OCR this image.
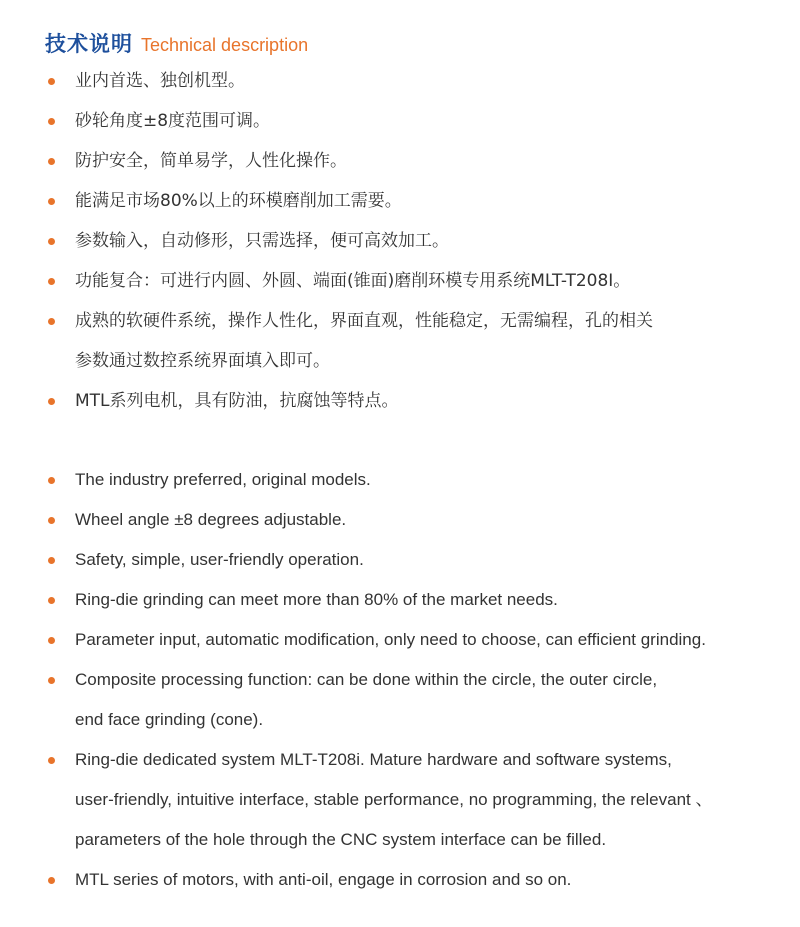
技术说明 Technical description
业内首选、独创机型。
砂轮角度±8度范围可调。
防护安全，简单易学，人性化操作。
能满足市场80%以上的环模磨削加工需要。
参数输入，自动修形，只需选择，便可高效加工。
功能复合：可进行内圆、外圆、端面(锥面)磨削环模专用系统MLT-T208I。
成熟的软硬件系统，操作人性化，界面直观，性能稳定，无需编程，孔的相关
参数通过数控系统界面填入即可。
MTL系列电机，具有防油，抗腐蚀等特点。
The industry preferred, original models.
Wheel angle ±8 degrees adjustable.
Safety, simple, user-friendly operation.
Ring-die grinding can meet more than 80% of the market needs.
Parameter input, automatic modification, only need to choose, can efficient grinding.
Composite processing function: can be done within the circle, the outer circle,
end face grinding (cone).
Ring-die dedicated system MLT-T208i. Mature hardware and software systems,
user-friendly, intuitive interface, stable performance, no programming, the relevant 、
parameters of the hole through the CNC system interface can be filled.
MTL series of motors, with anti-oil, engage in corrosion and so on.
